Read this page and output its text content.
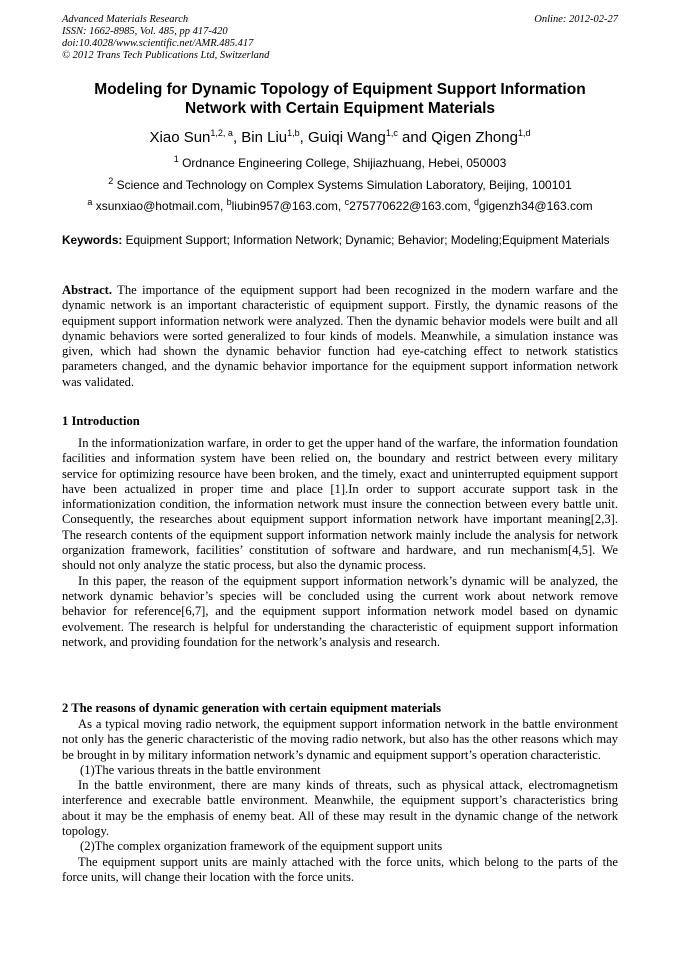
Advanced Materials Research
ISSN: 1662-8985, Vol. 485, pp 417-420
doi:10.4028/www.scientific.net/AMR.485.417
© 2012 Trans Tech Publications Ltd, Switzerland
Online: 2012-02-27
Modeling for Dynamic Topology of Equipment Support Information
Network with Certain Equipment Materials
Xiao Sun$^{1,2, a}$, Bin Liu$^{1,b}$, Guiqi Wang$^{1,c}$ and Qigen Zhong$^{1,d}$
$^1$ Ordnance Engineering College, Shijiazhuang, Hebei, 050003
$^2$ Science and Technology on Complex Systems Simulation Laboratory, Beijing, 100101
$^a$ xsunxiao@hotmail.com, $^b$liubin957@163.com, $^c$275770622@163.com, $^d$gigenzh34@163.com
Keywords: Equipment Support; Information Network; Dynamic; Behavior; Modeling;Equipment Materials

Abstract. The importance of the equipment support had been recognized in the modern warfare and the dynamic network is an important characteristic of equipment support. Firstly, the dynamic reasons of the equipment support information network were analyzed. Then the dynamic behavior models were built and all dynamic behaviors were sorted generalized to four kinds of models. Meanwhile, a simulation instance was given, which had shown the dynamic behavior function had eye-catching effect to network statistics parameters changed, and the dynamic behavior importance for the equipment support information network was validated.

1 Introduction

In the informationization warfare, in order to get the upper hand of the warfare, the information foundation facilities and information system have been relied on, the boundary and restrict between every military service for optimizing resource have been broken, and the timely, exact and uninterrupted equipment support have been actualized in proper time and place [1].In order to support accurate support task in the informationization condition, the information network must insure the connection between every battle unit. Consequently, the researches about equipment support information network have important meaning[2,3]. The research contents of the equipment support information network mainly include the analysis for network organization framework, facilities’ constitution of software and hardware, and run mechanism[4,5]. We should not only analyze the static process, but also the dynamic process.

In this paper, the reason of the equipment support information network’s dynamic will be analyzed, the network dynamic behavior’s species will be concluded using the current work about network remove behavior for reference[6,7], and the equipment support information network model based on dynamic evolvement. The research is helpful for understanding the characteristic of equipment support information network, and providing foundation for the network’s analysis and research.

2 The reasons of dynamic generation with certain equipment materials

As a typical moving radio network, the equipment support information network in the battle environment not only has the generic characteristic of the moving radio network, but also has the other reasons which may be brought in by military information network’s dynamic and equipment support’s operation characteristic.

(1)The various threats in the battle environment

In the battle environment, there are many kinds of threats, such as physical attack, electromagnetism interference and execrable battle environment. Meanwhile, the equipment support’s characteristics bring about it may be the emphasis of enemy beat. All of these may result in the dynamic change of the network topology.

(2)The complex organization framework of the equipment support units

The equipment support units are mainly attached with the force units, which belong to the parts of the force units, will change their location with the force units.
